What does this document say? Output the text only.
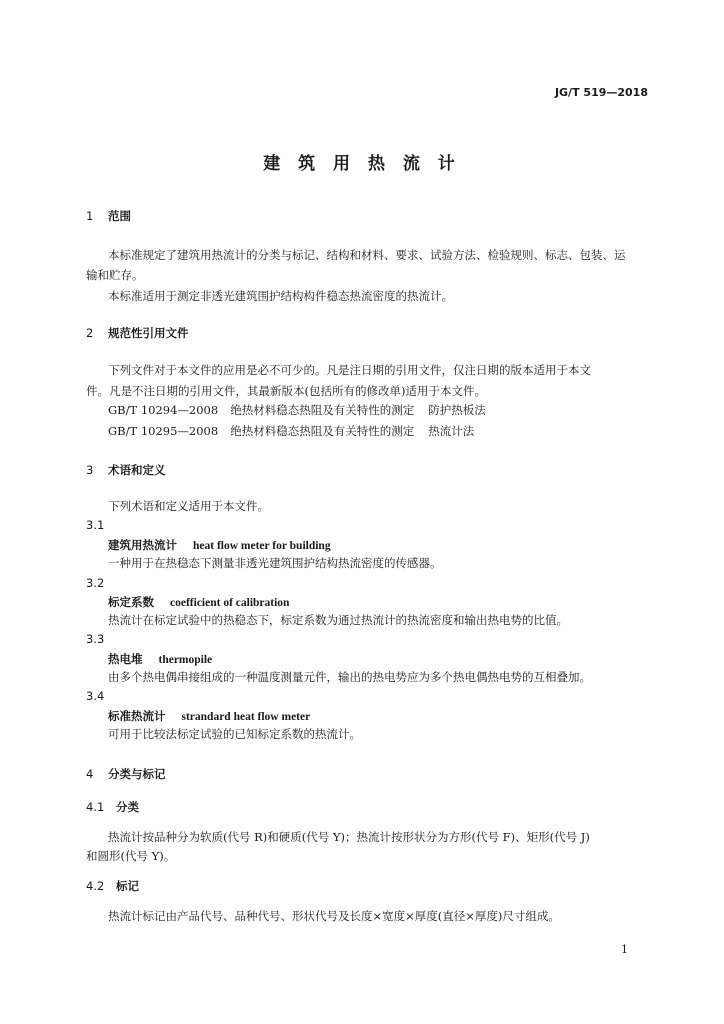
JG/T 519—2018
建 筑 用 热 流 计
1 范围
本标准规定了建筑用热流计的分类与标记、结构和材料、要求、试验方法、检验规则、标志、包装、运
输和贮存。
本标准适用于测定非透光建筑围护结构构件稳态热流密度的热流计。
2 规范性引用文件
下列文件对于本文件的应用是必不可少的。凡是注日期的引用文件，仅注日期的版本适用于本文
件。凡是不注日期的引用文件，其最新版本(包括所有的修改单)适用于本文件。
GB/T 10294—2008 绝热材料稳态热阻及有关特性的测定 防护热板法
GB/T 10295—2008 绝热材料稳态热阻及有关特性的测定 热流计法
3 术语和定义
下列术语和定义适用于本文件。
3.1
建筑用热流计 heat flow meter for building
一种用于在热稳态下测量非透光建筑围护结构热流密度的传感器。
3.2
标定系数 coefficient of calibration
热流计在标定试验中的热稳态下，标定系数为通过热流计的热流密度和输出热电势的比值。
3.3
热电堆 thermopile
由多个热电偶串接组成的一种温度测量元件，输出的热电势应为多个热电偶热电势的互相叠加。
3.4
标准热流计 strandard heat flow meter
可用于比较法标定试验的已知标定系数的热流计。
4 分类与标记
4.1 分类
热流计按品种分为软质(代号 R)和硬质(代号 Y)；热流计按形状分为方形(代号 F)、矩形(代号 J)
和圆形(代号 Y)。
4.2 标记
热流计标记由产品代号、品种代号、形状代号及长度×宽度×厚度(直径×厚度)尺寸组成。
1
